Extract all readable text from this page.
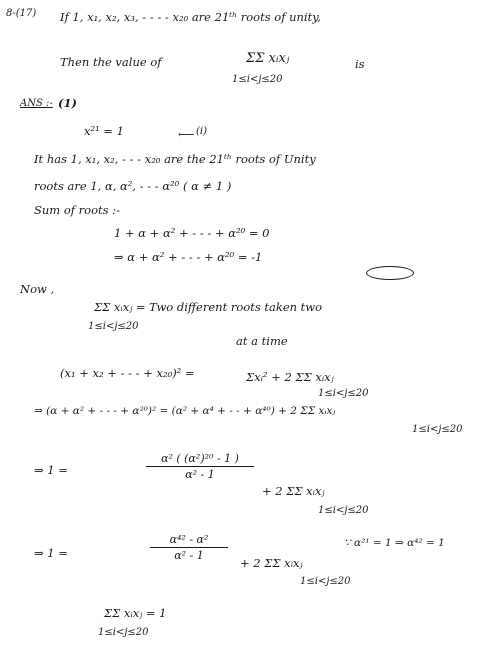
8-(17) If 1, x₁, x₂, x₃, - - - - x₂₀ are 21ᵗʰ roots of unity,
Then the value of	ΣΣ xᵢxⱼ
1≤i<j≤20
is
ANS :- (1)
x²¹ = 1	⟵ (i)
It has 1, x₁, x₂, - - - x₂₀ are the 21ᵗʰ roots of Unity
roots are 1, α, α², - - - α²⁰ ( α ≠ 1 )
Sum of roots :-
1 + α + α² + - - - + α²⁰ = 0
⇒ α + α² + - - - + α²⁰ = -1
Now ,
ΣΣ xᵢxⱼ = Two different roots taken two
1≤i<j≤20
at a time
(x₁ + x₂ + - - - + x₂₀)² =	Σxᵢ² + 2 ΣΣ xᵢxⱼ
1≤i<j≤20
⇒ (α + α² + - - - + α²⁰)² = (α² + α⁴ + - - + α⁴⁰) + 2 ΣΣ xᵢxⱼ
1≤i<j≤20
⇒ 1 =
α² ( (α²)²⁰ - 1 )
α² - 1
+ 2 ΣΣ xᵢxⱼ
1≤i<j≤20
∵ α²¹ = 1 ⇒ α⁴² = 1
⇒ 1 =
α⁴² - α²
α² - 1
+ 2 ΣΣ xᵢxⱼ
1≤i<j≤20
ΣΣ xᵢxⱼ = 1
1≤i<j≤20
